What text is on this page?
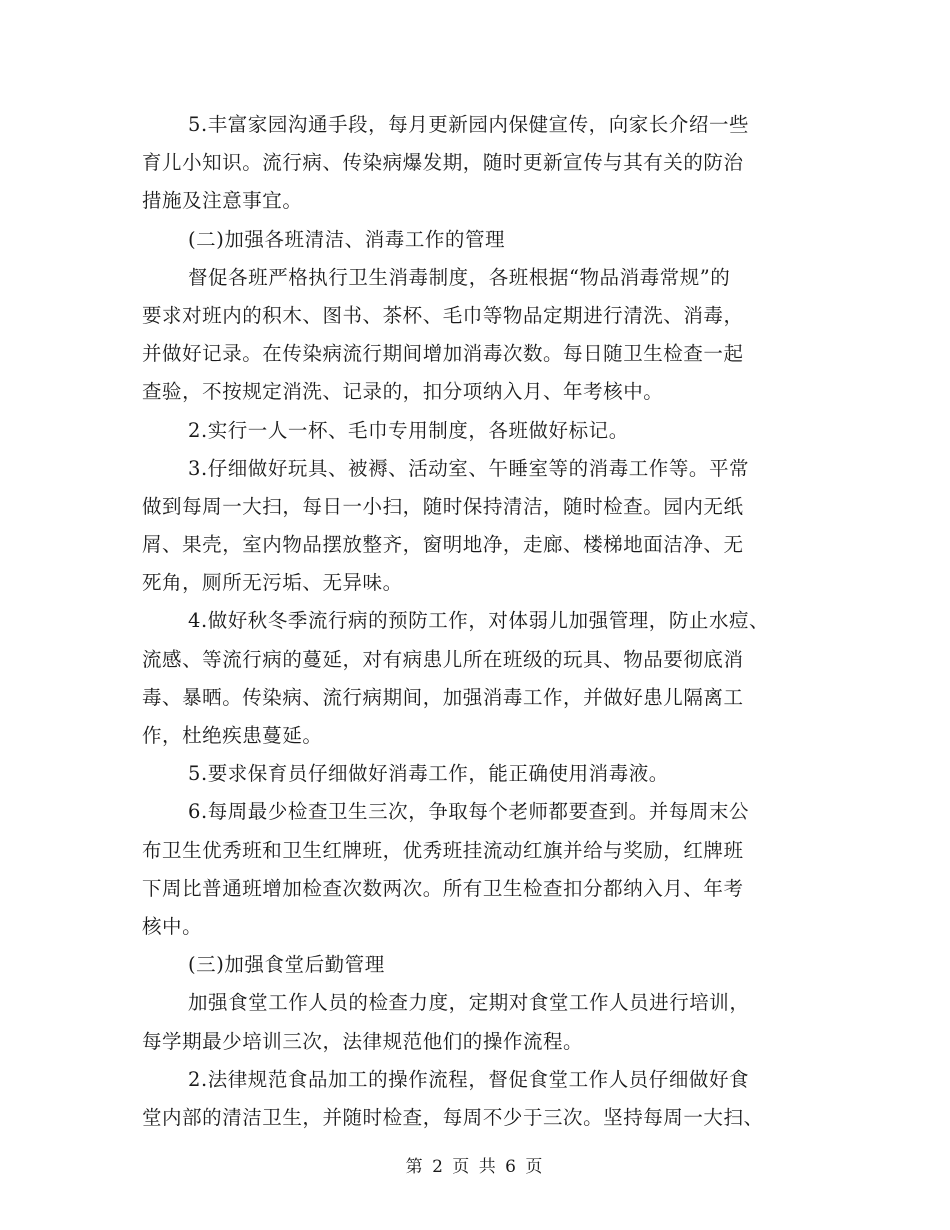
5.丰富家园沟通手段，每月更新园内保健宣传，向家长介绍一些
育儿小知识。流行病、传染病爆发期，随时更新宣传与其有关的防治
措施及注意事宜。
(二)加强各班清洁、消毒工作的管理
督促各班严格执行卫生消毒制度，各班根据“物品消毒常规”的
要求对班内的积木、图书、茶杯、毛巾等物品定期进行清洗、消毒，
并做好记录。在传染病流行期间增加消毒次数。每日随卫生检查一起
查验，不按规定消洗、记录的，扣分项纳入月、年考核中。
2.实行一人一杯、毛巾专用制度，各班做好标记。
3.仔细做好玩具、被褥、活动室、午睡室等的消毒工作等。平常
做到每周一大扫，每日一小扫，随时保持清洁，随时检查。园内无纸
屑、果壳，室内物品摆放整齐，窗明地净，走廊、楼梯地面洁净、无
死角，厕所无污垢、无异味。
4.做好秋冬季流行病的预防工作，对体弱儿加强管理，防止水痘、
流感、等流行病的蔓延，对有病患儿所在班级的玩具、物品要彻底消
毒、暴晒。传染病、流行病期间，加强消毒工作，并做好患儿隔离工
作，杜绝疾患蔓延。
5.要求保育员仔细做好消毒工作，能正确使用消毒液。
6.每周最少检查卫生三次，争取每个老师都要查到。并每周末公
布卫生优秀班和卫生红牌班，优秀班挂流动红旗并给与奖励，红牌班
下周比普通班增加检查次数两次。所有卫生检查扣分都纳入月、年考
核中。
(三)加强食堂后勤管理
加强食堂工作人员的检查力度，定期对食堂工作人员进行培训，
每学期最少培训三次，法律规范他们的操作流程。
2.法律规范食品加工的操作流程，督促食堂工作人员仔细做好食
堂内部的清洁卫生，并随时检查，每周不少于三次。坚持每周一大扫、
第 2 页 共 6 页
